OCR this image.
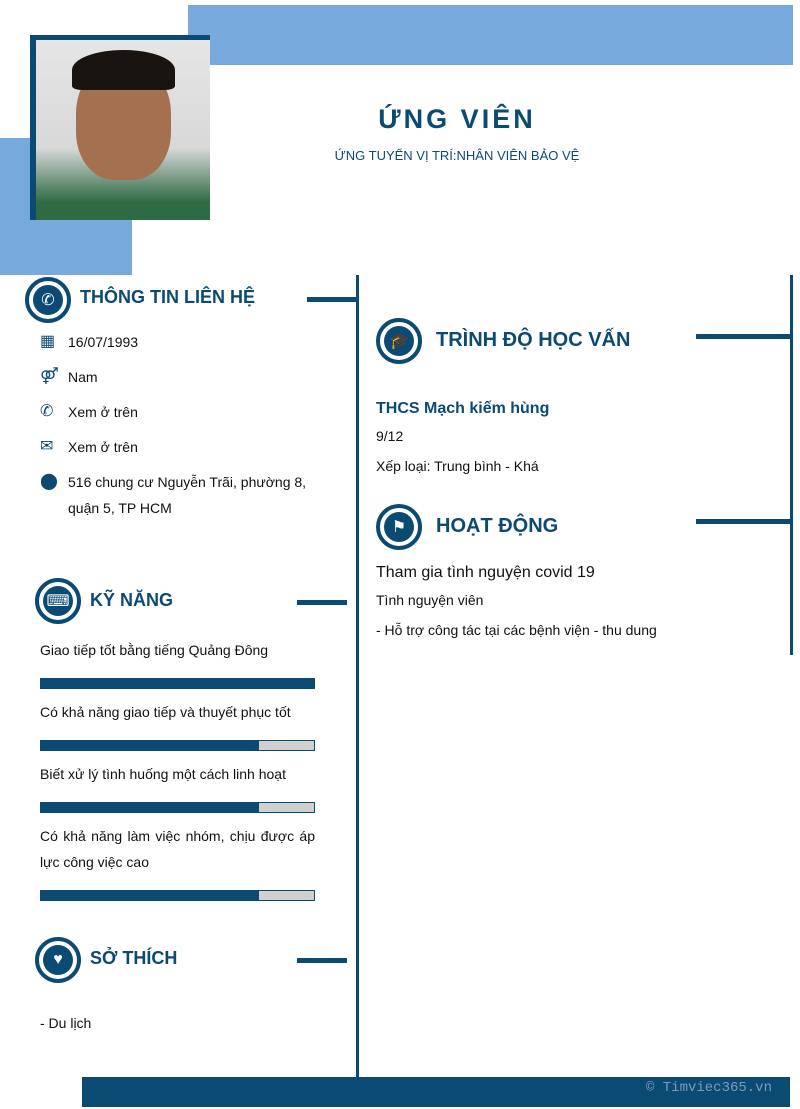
ỨNG VIÊN
ỨNG TUYỂN VỊ TRÍ:NHÂN VIÊN BẢO VỆ
✆	THÔNG TIN LIÊN HỆ
▦ 16/07/1993
⚤ Nam
✆	Xem ở trên
✉	Xem ở trên
⬤ 516 chung cư Nguyễn Trãi, phường 8, quận 5, TP HCM
⌨ KỸ NĂNG
Giao tiếp tốt bằng tiếng Quảng Đông
Có khả năng giao tiếp và thuyết phục tốt
Biết xử lý tình huống một cách linh hoạt
Có khả năng làm việc nhóm, chịu được áp lực công việc cao
♥	SỞ THÍCH
- Du lịch
🎓 TRÌNH ĐỘ HỌC VẤN
THCS Mạch kiếm hùng
9/12
Xếp loại: Trung bình - Khá
⚑	HOẠT ĐỘNG
Tham gia tình nguyện covid 19
Tình nguyện viên
- Hỗ trợ công tác tại các bệnh viện - thu dung
© Timviec365.vn
